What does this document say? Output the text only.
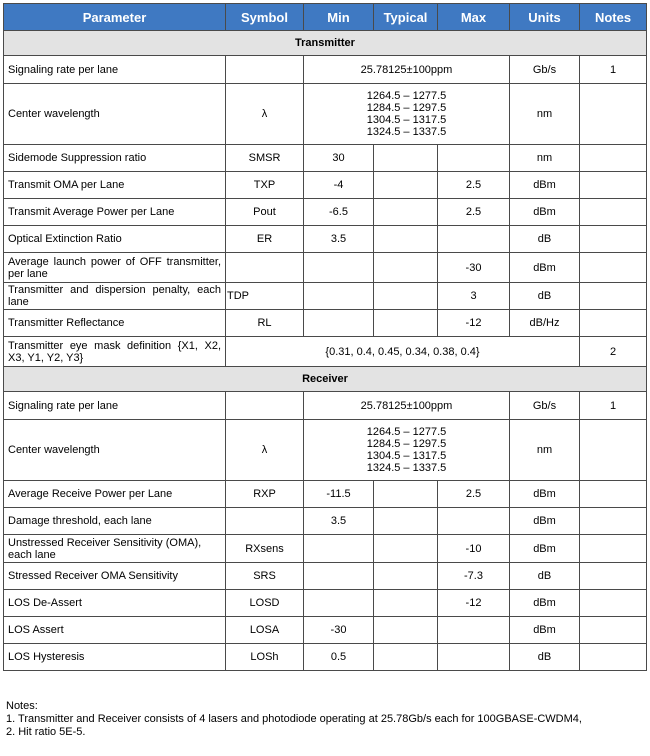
Parameter	Symbol	Min	Typical	Max	Units	Notes
Transmitter						
Signaling rate per lane		25.78125±100ppm			Gb/s	1
Center wavelength	λ	1264.5 – 1277.5
1284.5 – 1297.5
1304.5 – 1317.5
1324.5 – 1337.5			nm	
Sidemode Suppression ratio	SMSR	30			nm	
Transmit OMA per Lane	TXP	-4		2.5	dBm	
Transmit Average Power per Lane	Pout	-6.5		2.5	dBm	
Optical Extinction Ratio	ER	3.5			dB	
Average launch power of OFF transmitter, per lane				-30	dBm	
Transmitter and dispersion penalty, each lane	TDP			3	dB	
Transmitter Reflectance	RL			-12	dB/Hz	
Transmitter eye mask definition {X1, X2, X3, Y1, Y2, Y3}	{0.31, 0.4, 0.45, 0.34, 0.38, 0.4}					2
Receiver						
Signaling rate per lane		25.78125±100ppm			Gb/s	1
Center wavelength	λ	1264.5 – 1277.5
1284.5 – 1297.5
1304.5 – 1317.5
1324.5 – 1337.5			nm	
Average Receive Power per Lane	RXP	-11.5		2.5	dBm	
Damage threshold, each lane		3.5			dBm	
Unstressed Receiver Sensitivity (OMA), each lane	RXsens			-10	dBm	
Stressed Receiver OMA Sensitivity	SRS			-7.3	dB	
LOS De-Assert	LOSD			-12	dBm	
LOS Assert	LOSA	-30			dBm	
LOS Hysteresis	LOSh	0.5			dB	
Notes:
1. Transmitter and Receiver consists of 4 lasers and photodiode operating at 25.78Gb/s each for 100GBASE-CWDM4,
2. Hit ratio 5E-5.
